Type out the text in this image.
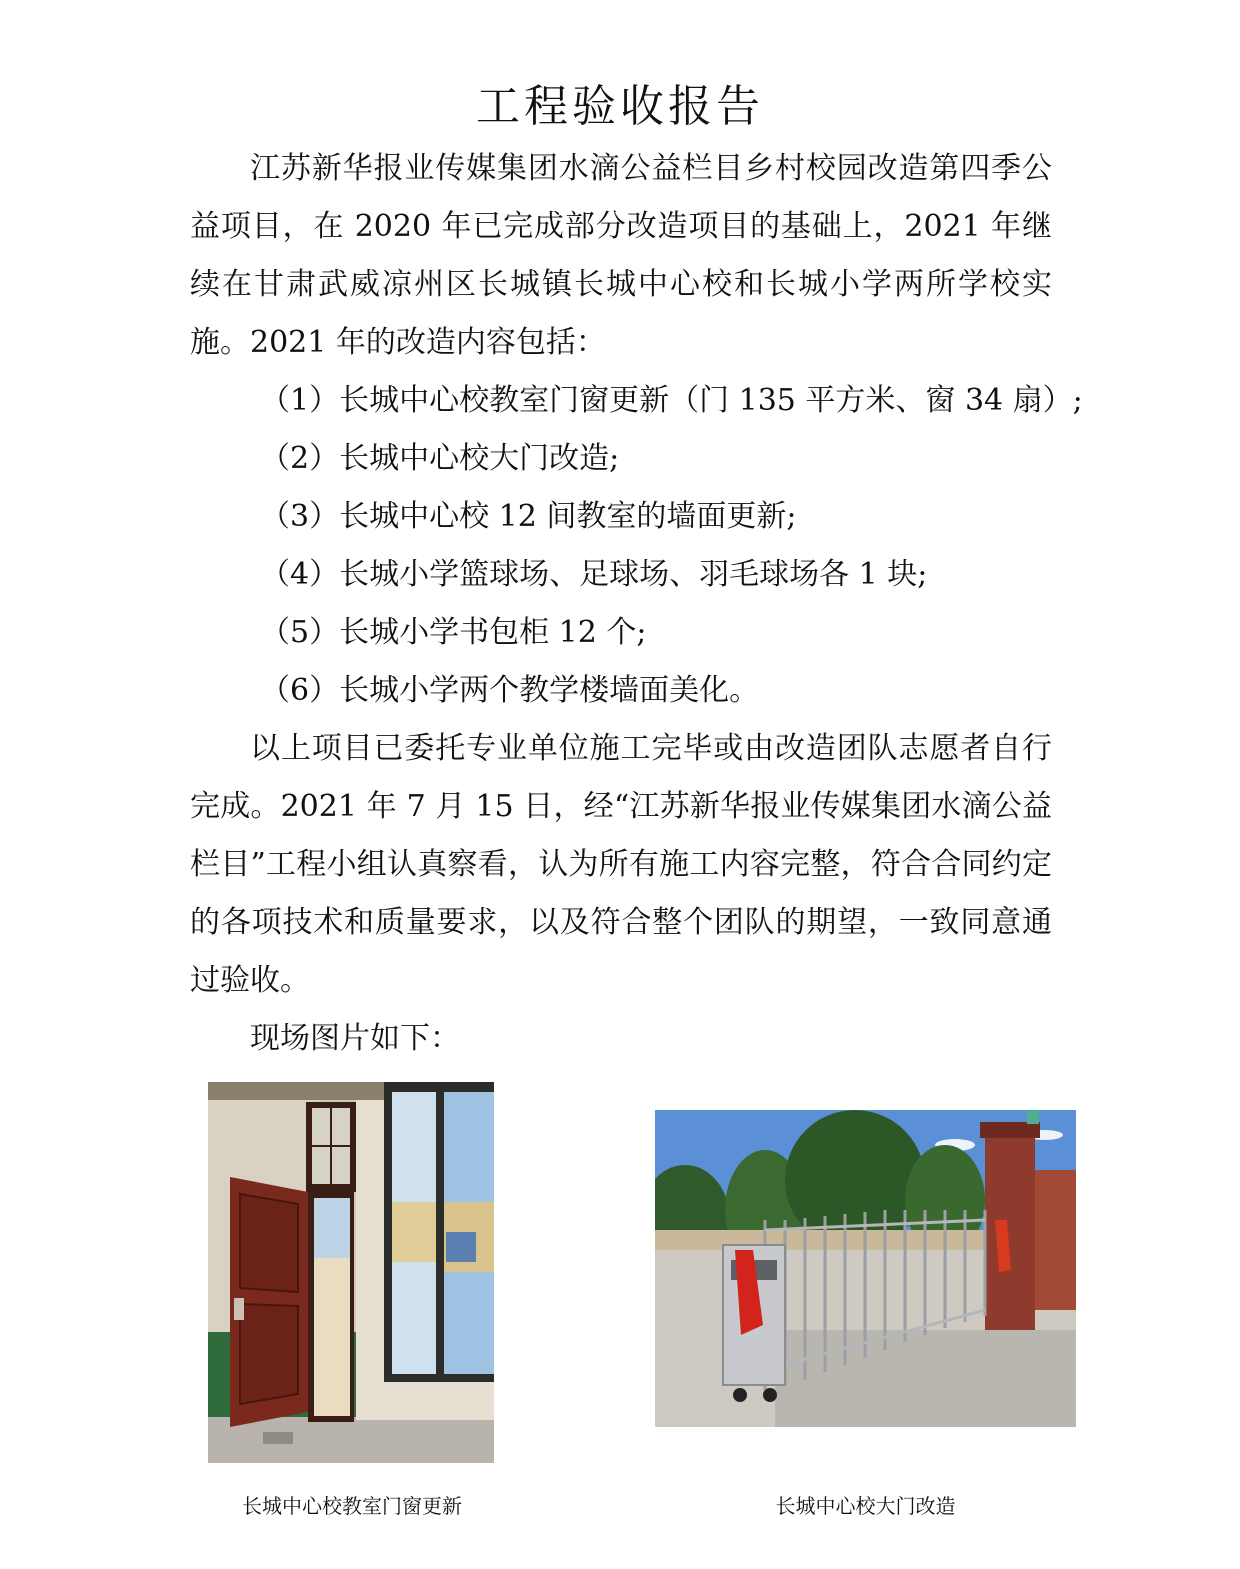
工程验收报告

江苏新华报业传媒集团水滴公益栏目乡村校园改造第四季公益项目，在 2020 年已完成部分改造项目的基础上，2021 年继续在甘肃武威凉州区长城镇长城中心校和长城小学两所学校实施。2021 年的改造内容包括：

（1）长城中心校教室门窗更新（门 135 平方米、窗 34 扇）;

（2）长城中心校大门改造;

（3）长城中心校 12 间教室的墙面更新;

（4）长城小学篮球场、足球场、羽毛球场各 1 块;

（5）长城小学书包柜 12 个;

（6）长城小学两个教学楼墙面美化。

以上项目已委托专业单位施工完毕或由改造团队志愿者自行完成。2021 年 7 月 15 日，经“江苏新华报业传媒集团水滴公益栏目”工程小组认真察看，认为所有施工内容完整，符合合同约定的各项技术和质量要求，以及符合整个团队的期望，一致同意通过验收。

现场图片如下：

长城中心校教室门窗更新	长城中心校大门改造
